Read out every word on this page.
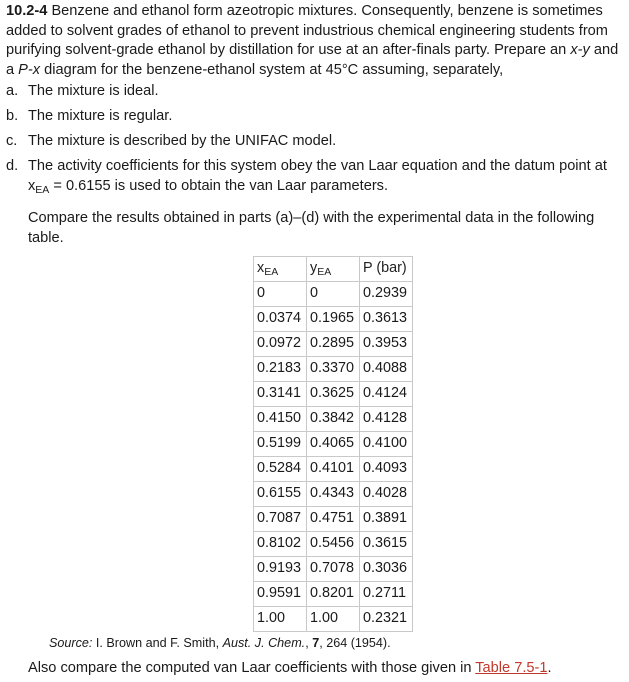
10.2-4 Benzene and ethanol form azeotropic mixtures. Consequently, benzene is sometimes added to solvent grades of ethanol to prevent industrious chemical engineering students from purifying solvent-grade ethanol by distillation for use at an after-finals party. Prepare an x-y and a P-x diagram for the benzene-ethanol system at 45°C assuming, separately,

a. The mixture is ideal.
b. The mixture is regular.
c. The mixture is described by the UNIFAC model.
d. The activity coefficients for this system obey the van Laar equation and the datum point at $x_{EA} = 0.6155$ is used to obtain the van Laar parameters.

Compare the results obtained in parts (a)–(d) with the experimental data in the following table.

$x_{EA}$	$y_{EA}$	P (bar)
0	0	0.2939
0.0374	0.1965	0.3613
0.0972	0.2895	0.3953
0.2183	0.3370	0.4088
0.3141	0.3625	0.4124
0.4150	0.3842	0.4128
0.5199	0.4065	0.4100
0.5284	0.4101	0.4093
0.6155	0.4343	0.4028
0.7087	0.4751	0.3891
0.8102	0.5456	0.3615
0.9193	0.7078	0.3036
0.9591	0.8201	0.2711
1.00	1.00	0.2321

Source: I. Brown and F. Smith, Aust. J. Chem., 7, 264 (1954).

Also compare the computed van Laar coefficients with those given in Table 7.5-1.
